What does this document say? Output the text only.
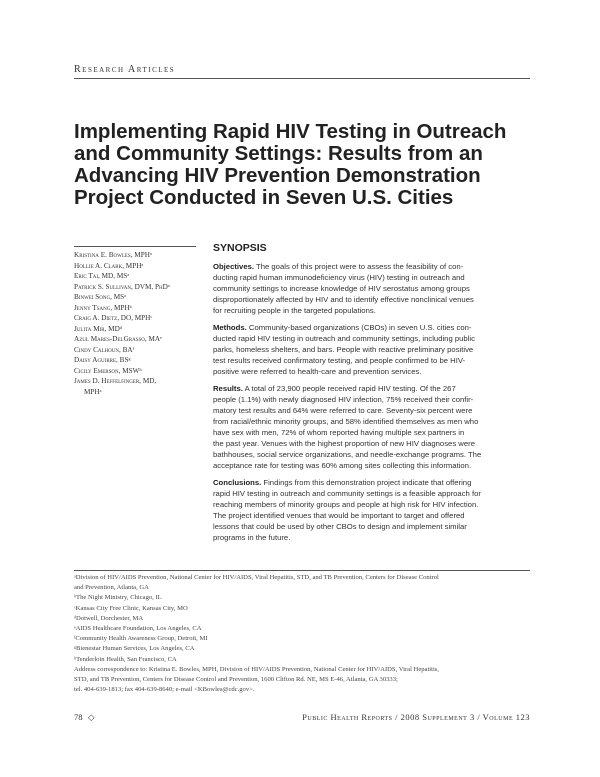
Research Articles
Implementing Rapid HIV Testing in Outreach
and Community Settings: Results from an
Advancing HIV Prevention Demonstration
Project Conducted in Seven U.S. Cities
Kristina E. Bowles, MPHᵃ
Hollie A. Clark, MPHᵃ
Eric Tai, MD, MSᵃ
Patrick S. Sullivan, DVM, PhDᵃ
Binwei Song, MSᵃ
Jenny Tsang, MPHᵇ
Craig A. Dietz, DO, MPHᶜ
Julita Mir, MDᵈ
Azul Mares-DelGrasso, MAᵉ
Cindy Calhoun, BAᶠ
Daisy Aguirre, BSᵍ
Cicily Emerson, MSWʰ
James D. Heffelfinger, MD,
MPHᵃ
SYNOPSIS

Objectives. The goals of this project were to assess the feasibility of con-
ducting rapid human immunodeficiency virus (HIV) testing in outreach and
community settings to increase knowledge of HIV serostatus among groups
disproportionately affected by HIV and to identify effective nonclinical venues
for recruiting people in the targeted populations.

Methods. Community-based organizations (CBOs) in seven U.S. cities con-
ducted rapid HIV testing in outreach and community settings, including public
parks, homeless shelters, and bars. People with reactive preliminary positive
test results received confirmatory testing, and people confirmed to be HIV-
positive were referred to health-care and prevention services.

Results. A total of 23,900 people received rapid HIV testing. Of the 267
people (1.1%) with newly diagnosed HIV infection, 75% received their confir-
matory test results and 64% were referred to care. Seventy-six percent were
from racial/ethnic minority groups, and 58% identified themselves as men who
have sex with men, 72% of whom reported having multiple sex partners in
the past year. Venues with the highest proportion of new HIV diagnoses were
bathhouses, social service organizations, and needle-exchange programs. The
acceptance rate for testing was 60% among sites collecting this information.

Conclusions. Findings from this demonstration project indicate that offering
rapid HIV testing in outreach and community settings is a feasible approach for
reaching members of minority groups and people at high risk for HIV infection.
The project identified venues that would be important to target and offered
lessons that could be used by other CBOs to design and implement similar
programs in the future.

ᵃDivision of HIV/AIDS Prevention, National Center for HIV/AIDS, Viral Hepatitis, STD, and TB Prevention, Centers for Disease Control
and Prevention, Atlanta, GA
ᵇThe Night Ministry, Chicago, IL
ᶜKansas City Free Clinic, Kansas City, MO
ᵈDotwell, Dorchester, MA
ᵉAIDS Healthcare Foundation, Los Angeles, CA
ᶠCommunity Health Awareness Group, Detroit, MI
ᵍBienestar Human Services, Los Angeles, CA
ʰTenderloin Health, San Francisco, CA
Address correspondence to: Kristina E. Bowles, MPH, Division of HIV/AIDS Prevention, National Center for HIV/AIDS, Viral Hepatitis,
STD, and TB Prevention, Centers for Disease Control and Prevention, 1600 Clifton Rd. NE, MS E-46, Atlanta, GA 30333;
tel. 404-639-1813; fax 404-639-8640; e-mail <KBowles@cdc.gov>.
78 ◇	Public Health Reports / 2008 Supplement 3 / Volume 123
